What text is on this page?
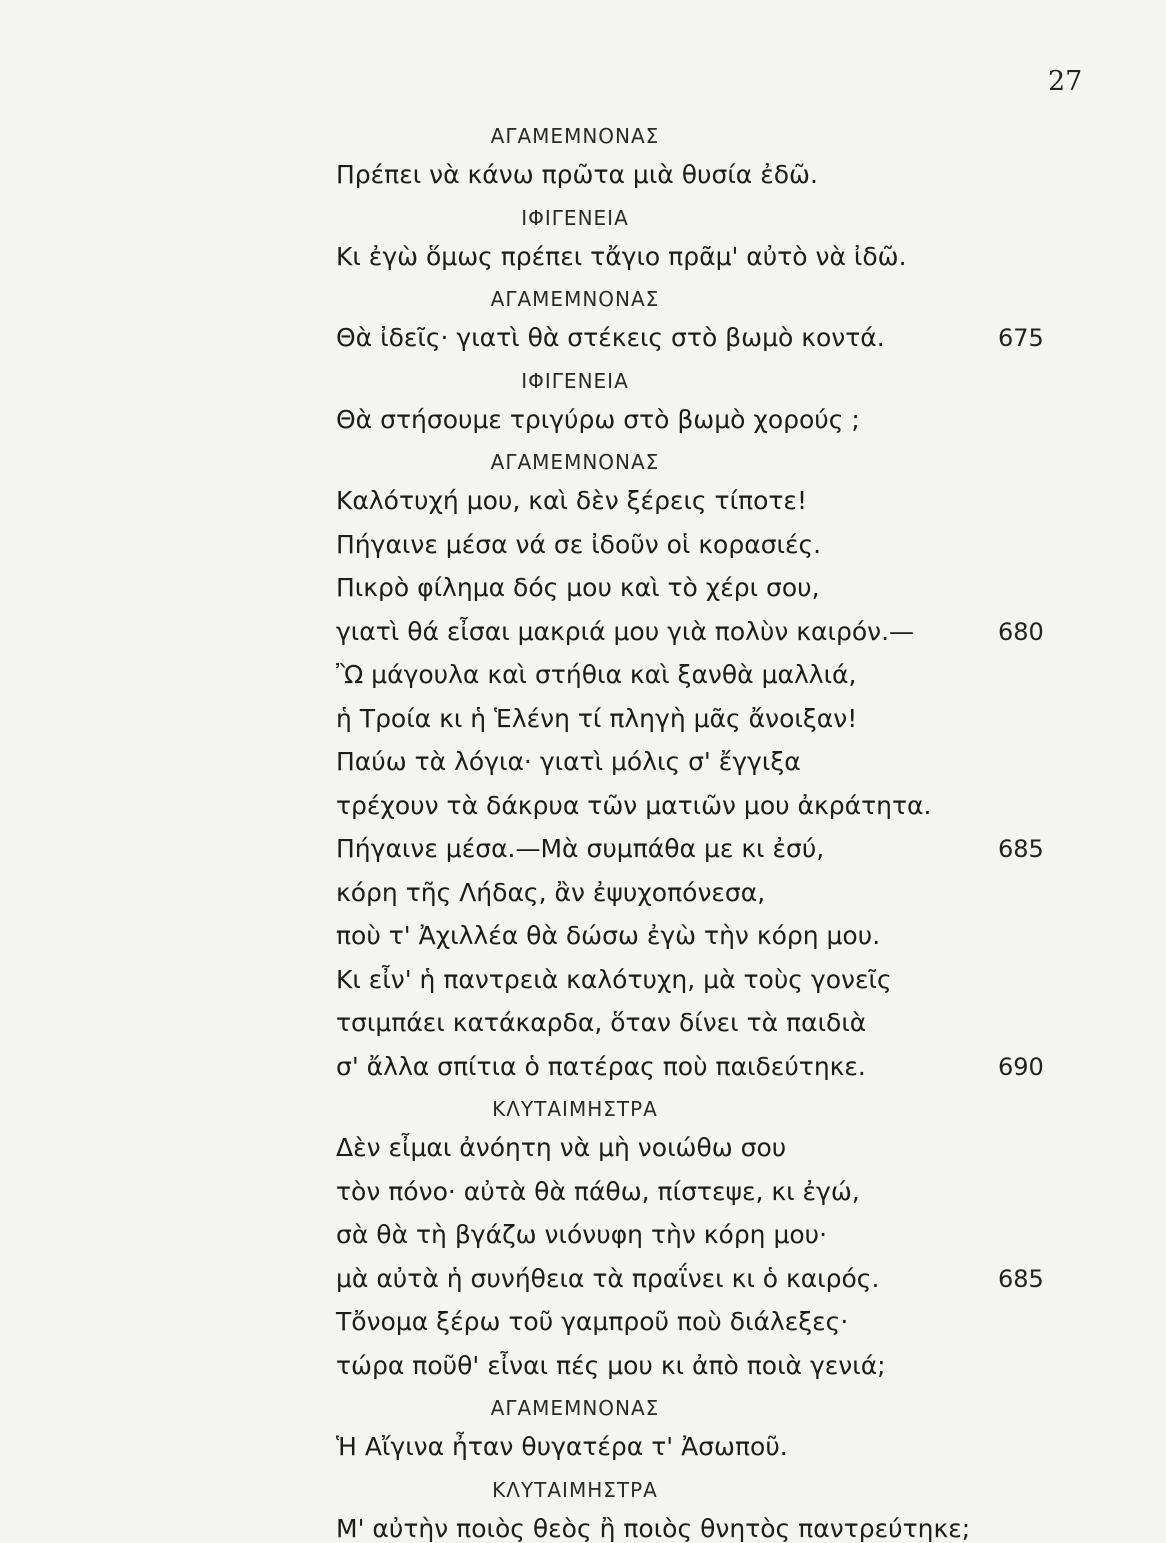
27
ΑΓΑΜΕΜΝΟΝΑΣ
Πρέπει νὰ κάνω πρῶτα μιὰ θυσία ἐδῶ.
ΙΦΙΓΕΝΕΙΑ
Κι ἐγὼ ὅμως πρέπει τἄγιο πρᾶμ' αὐτὸ νὰ ἰδῶ.
ΑΓΑΜΕΜΝΟΝΑΣ
Θὰ ἰδεῖς· γιατὶ θὰ στέκεις στὸ βωμὸ κοντά.	675
ΙΦΙΓΕΝΕΙΑ
Θὰ στήσουμε τριγύρω στὸ βωμὸ χορούς ;
ΑΓΑΜΕΜΝΟΝΑΣ
Καλότυχή μου, καὶ δὲν ξέρεις τίποτε!
Πήγαινε μέσα νά σε ἰδοῦν οἱ κορασιές.
Πικρὸ φίλημα δός μου καὶ τὸ χέρι σου,
γιατὶ θά εἶσαι μακριά μου γιὰ πολὺν καιρόν.—	680
Ὢ μάγουλα καὶ στήθια καὶ ξανθὰ μαλλιά,
ἡ Τροία κι ἡ Ἑλένη τί πληγὴ μᾶς ἄνοιξαν!
Παύω τὰ λόγια· γιατὶ μόλις σ' ἔγγιξα
τρέχουν τὰ δάκρυα τῶν ματιῶν μου ἀκράτητα.
Πήγαινε μέσα.—Μὰ συμπάθα με κι ἐσύ,	685
κόρη τῆς Λήδας, ἂν ἐψυχοπόνεσα,
ποὺ τ' Ἀχιλλέα θὰ δώσω ἐγὼ τὴν κόρη μου.
Κι εἶν' ἡ παντρειὰ καλότυχη, μὰ τοὺς γονεῖς
τσιμπάει κατάκαρδα, ὅταν δίνει τὰ παιδιὰ
σ' ἄλλα σπίτια ὁ πατέρας ποὺ παιδεύτηκε.	690
ΚΛΥΤΑΙΜΗΣΤΡΑ
Δὲν εἶμαι ἀνόητη νὰ μὴ νοιώθω σου
τὸν πόνο· αὐτὰ θὰ πάθω, πίστεψε, κι ἐγώ,
σὰ θὰ τὴ βγάζω νιόνυφη τὴν κόρη μου·
μὰ αὐτὰ ἡ συνήθεια τὰ πραΐνει κι ὁ καιρός.	685
Τὄνομα ξέρω τοῦ γαμπροῦ ποὺ διάλεξες·
τώρα ποῦθ' εἶναι πές μου κι ἀπὸ ποιὰ γενιά;
ΑΓΑΜΕΜΝΟΝΑΣ
Ἡ Αἴγινα ἦταν θυγατέρα τ' Ἀσωποῦ.
ΚΛΥΤΑΙΜΗΣΤΡΑ
Μ' αὐτὴν ποιὸς θεὸς ἢ ποιὸς θνητὸς παντρεύτηκε;
